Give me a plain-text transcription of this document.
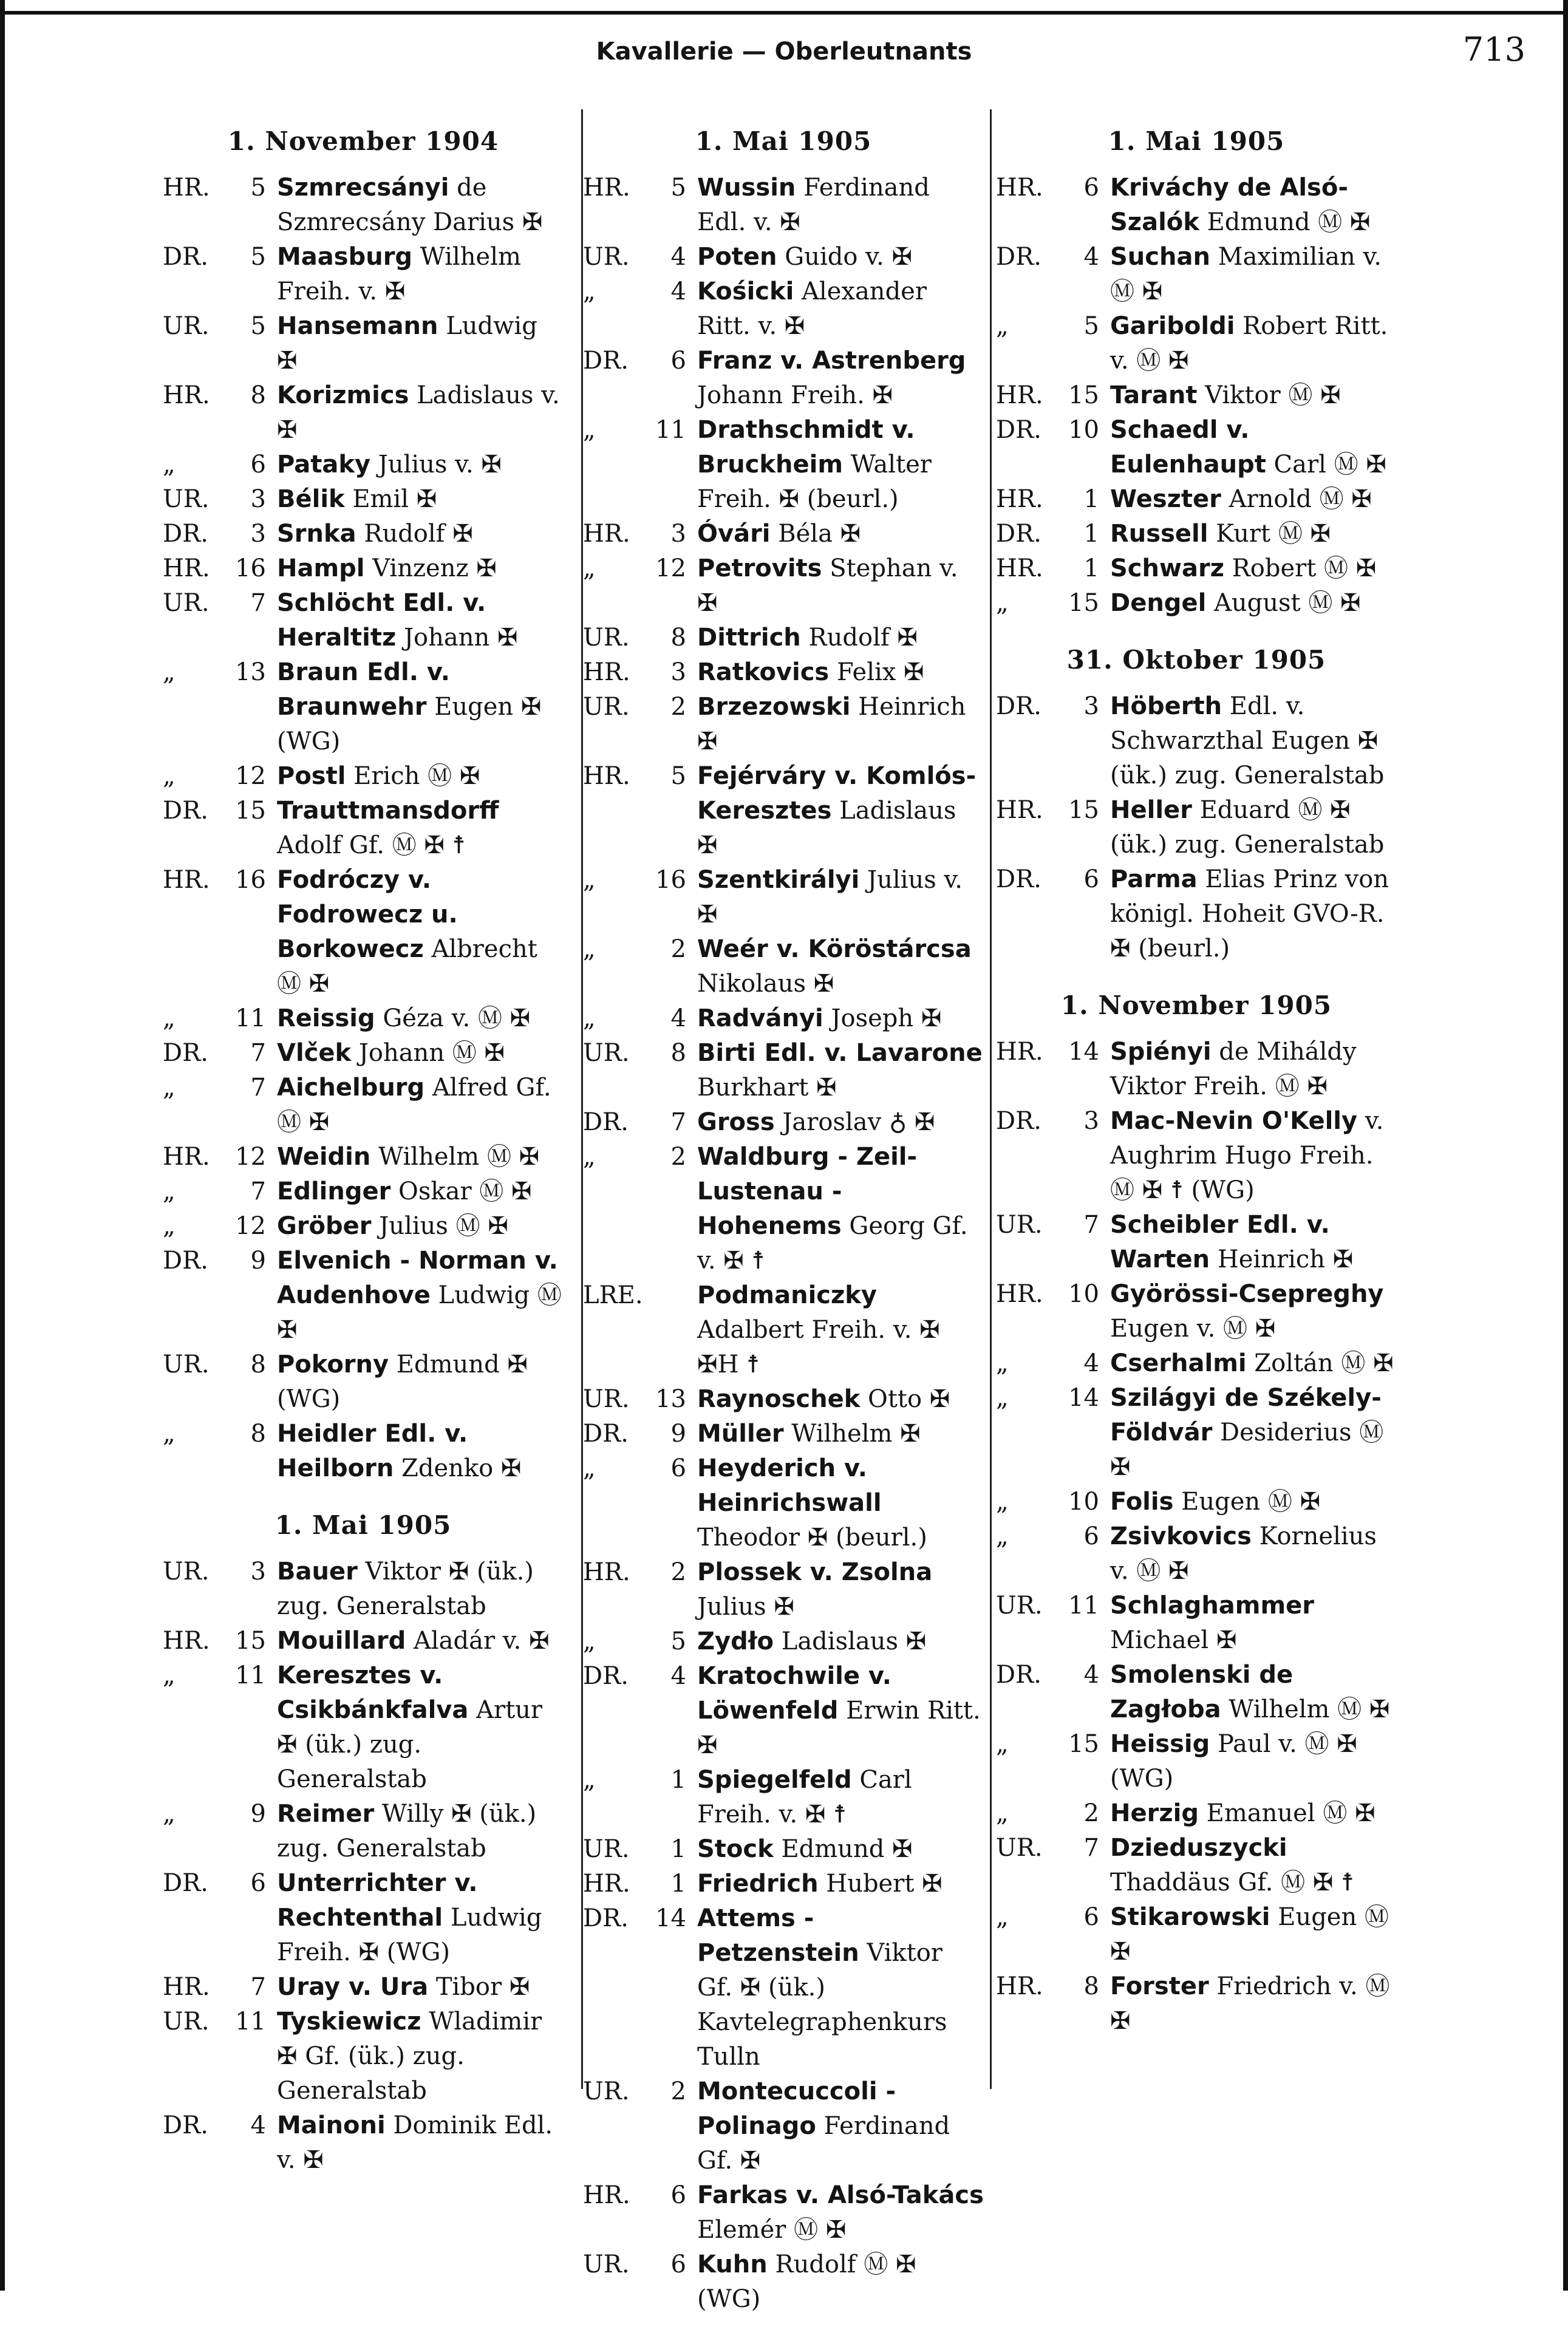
Kavallerie — Oberleutnants	713
1. November 1904
HR.	5 Szmrecsányi de Szmrecsány Darius ✠
DR.	5 Maasburg Wilhelm Freih. v. ✠
UR.	5 Hansemann Ludwig ✠
HR.	8 Korizmics Ladislaus v. ✠
„	6 Pataky Julius v. ✠
UR.	3 Bélik Emil ✠
DR.	3 Srnka Rudolf ✠
HR.	16 Hampl Vinzenz ✠
UR.	7 Schlöcht Edl. v. Heraltitz Johann ✠
„	13 Braun Edl. v. Braunwehr Eugen ✠ (WG)
„	12 Postl Erich Ⓜ ✠
DR.	15 Trauttmansdorff Adolf Gf. Ⓜ ✠ ☨
HR.	16 Fodróczy v. Fodrowecz u. Borkowecz Albrecht Ⓜ ✠
„	11 Reissig Géza v. Ⓜ ✠
DR.	7 Vlček Johann Ⓜ ✠
„	7 Aichelburg Alfred Gf. Ⓜ ✠
HR.	12 Weidin Wilhelm Ⓜ ✠
„	7 Edlinger Oskar Ⓜ ✠
„	12 Gröber Julius Ⓜ ✠
DR.	9 Elvenich - Norman v. Audenhove Ludwig Ⓜ ✠
UR.	8 Pokorny Edmund ✠ (WG)
„	8 Heidler Edl. v. Heilborn Zdenko ✠
1. Mai 1905
UR.	3 Bauer Viktor ✠ (ük.) zug. Generalstab
HR.	15 Mouillard Aladár v. ✠
„	11 Keresztes v. Csikbánkfalva Artur ✠ (ük.) zug. Generalstab
„	9 Reimer Willy ✠ (ük.) zug. Generalstab
DR.	6 Unterrichter v. Rechtenthal Ludwig Freih. ✠ (WG)
HR.	7 Uray v. Ura Tibor ✠
UR.	11 Tyskiewicz Wladimir ✠ Gf. (ük.) zug. Generalstab
DR.	4 Mainoni Dominik Edl. v. ✠
1. Mai 1905
HR.	5 Wussin Ferdinand Edl. v. ✠
UR.	4 Poten Guido v. ✠
„	4 Kośicki Alexander Ritt. v. ✠
DR.	6 Franz v. Astrenberg Johann Freih. ✠
„	11 Drathschmidt v. Bruckheim Walter Freih. ✠ (beurl.)
HR.	3 Óvári Béla ✠
„	12 Petrovits Stephan v. ✠
UR.	8 Dittrich Rudolf ✠
HR.	3 Ratkovics Felix ✠
UR.	2 Brzezowski Heinrich ✠
HR.	5 Fejérváry v. Komlós-Keresztes Ladislaus ✠
„	16 Szentkirályi Julius v. ✠
„	2 Weér v. Köröstárcsa Nikolaus ✠
„	4 Radványi Joseph ✠
UR.	8 Birti Edl. v. Lavarone Burkhart ✠
DR.	7 Gross Jaroslav ♁ ✠
„	2 Waldburg - Zeil-Lustenau - Hohenems Georg Gf. v. ✠ ☨
LRE.	Podmaniczky Adalbert Freih. v. ✠ ✠H ☨
UR.	13 Raynoschek Otto ✠
DR.	9 Müller Wilhelm ✠
„	6 Heyderich v. Heinrichswall Theodor ✠ (beurl.)
HR.	2 Plossek v. Zsolna Julius ✠
„	5 Zydło Ladislaus ✠
DR.	4 Kratochwile v. Löwenfeld Erwin Ritt. ✠
„	1 Spiegelfeld Carl Freih. v. ✠ ☨
UR.	1 Stock Edmund ✠
HR.	1 Friedrich Hubert ✠
DR.	14 Attems - Petzenstein Viktor Gf. ✠ (ük.) Kavtelegraphenkurs Tulln
UR.	2 Montecuccoli - Polinago Ferdinand Gf. ✠
HR.	6 Farkas v. Alsó-Takács Elemér Ⓜ ✠
UR.	6 Kuhn Rudolf Ⓜ ✠ (WG)
1. Mai 1905
HR.	6 Kriváchy de Alsó-Szalók Edmund Ⓜ ✠
DR.	4 Suchan Maximilian v. Ⓜ ✠
„	5 Gariboldi Robert Ritt. v. Ⓜ ✠
HR.	15 Tarant Viktor Ⓜ ✠
DR.	10 Schaedl v. Eulenhaupt Carl Ⓜ ✠
HR.	1 Weszter Arnold Ⓜ ✠
DR.	1 Russell Kurt Ⓜ ✠
HR.	1 Schwarz Robert Ⓜ ✠
„	15 Dengel August Ⓜ ✠
31. Oktober 1905
DR.	3 Höberth Edl. v. Schwarzthal Eugen ✠ (ük.) zug. Generalstab
HR.	15 Heller Eduard Ⓜ ✠ (ük.) zug. Generalstab
DR.	6 Parma Elias Prinz von königl. Hoheit GVO-R. ✠ (beurl.)
1. November 1905
HR.	14 Spiényi de Miháldy Viktor Freih. Ⓜ ✠
DR.	3 Mac-Nevin O'Kelly v. Aughrim Hugo Freih. Ⓜ ✠ ☨ (WG)
UR.	7 Scheibler Edl. v. Warten Heinrich ✠
HR.	10 Györössi-Csepreghy Eugen v. Ⓜ ✠
„	4 Cserhalmi Zoltán Ⓜ ✠
„	14 Szilágyi de Székely-Földvár Desiderius Ⓜ ✠
„	10 Folis Eugen Ⓜ ✠
„	6 Zsivkovics Kornelius v. Ⓜ ✠
UR.	11 Schlaghammer Michael ✠
DR.	4 Smolenski de Zagłoba Wilhelm Ⓜ ✠
„	15 Heissig Paul v. Ⓜ ✠ (WG)
„	2 Herzig Emanuel Ⓜ ✠
UR.	7 Dzieduszycki Thaddäus Gf. Ⓜ ✠ ☨
„	6 Stikarowski Eugen Ⓜ ✠
HR.	8 Forster Friedrich v. Ⓜ ✠
